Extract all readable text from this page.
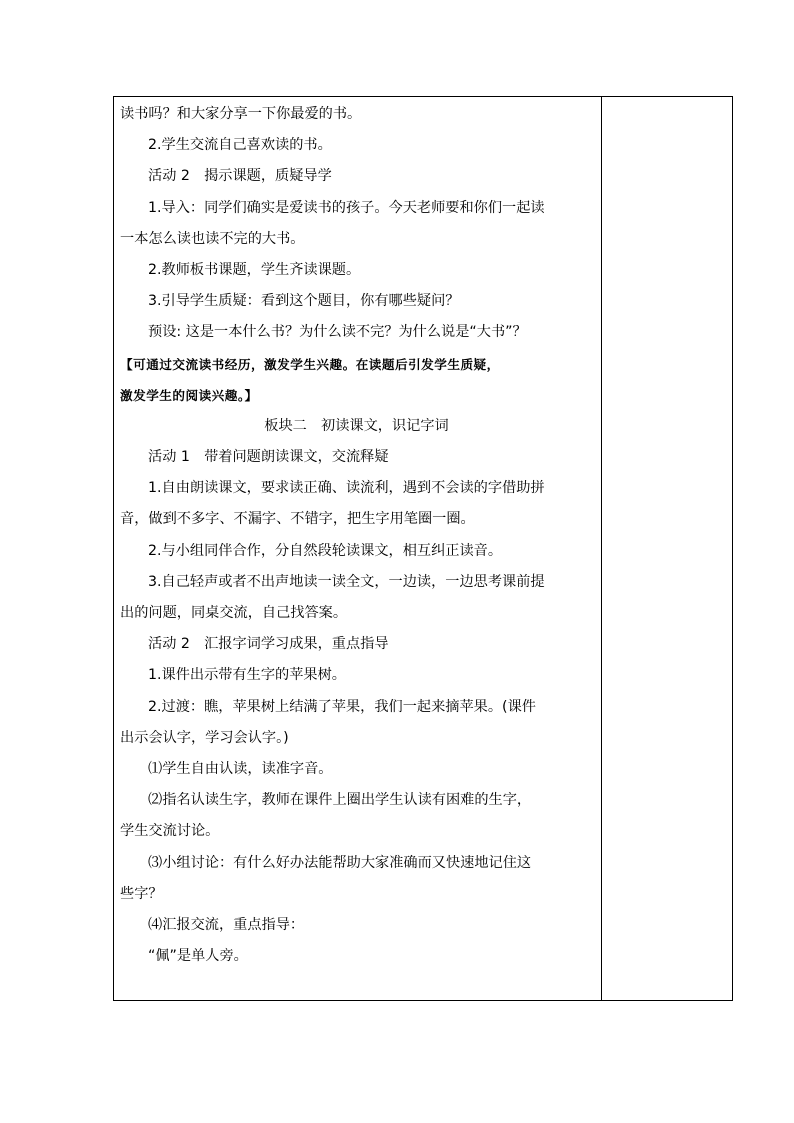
读书吗？和大家分享一下你最爱的书。
2.学生交流自己喜欢读的书。
活动 2　揭示课题，质疑导学
1.导入：同学们确实是爱读书的孩子。今天老师要和你们一起读
一本怎么读也读不完的大书。
2.教师板书课题，学生齐读课题。
3.引导学生质疑：看到这个题目，你有哪些疑问？
预设: 这是一本什么书？为什么读不完？为什么说是“大书”？
【可通过交流读书经历，激发学生兴趣。在读题后引发学生质疑，
激发学生的阅读兴趣。】
板块二　初读课文，识记字词
活动 1　带着问题朗读课文，交流释疑
1.自由朗读课文，要求读正确、读流利，遇到不会读的字借助拼
音，做到不多字、不漏字、不错字，把生字用笔圈一圈。
2.与小组同伴合作，分自然段轮读课文，相互纠正读音。
3.自己轻声或者不出声地读一读全文，一边读，一边思考课前提
出的问题，同桌交流，自己找答案。
活动 2　汇报字词学习成果，重点指导
1.课件出示带有生字的苹果树。
2.过渡：瞧，苹果树上结满了苹果，我们一起来摘苹果。(课件
出示会认字，学习会认字。)
⑴学生自由认读，读准字音。
⑵指名认读生字，教师在课件上圈出学生认读有困难的生字，
学生交流讨论。
⑶小组讨论：有什么好办法能帮助大家准确而又快速地记住这
些字？
⑷汇报交流，重点指导：
“佩”是单人旁。
